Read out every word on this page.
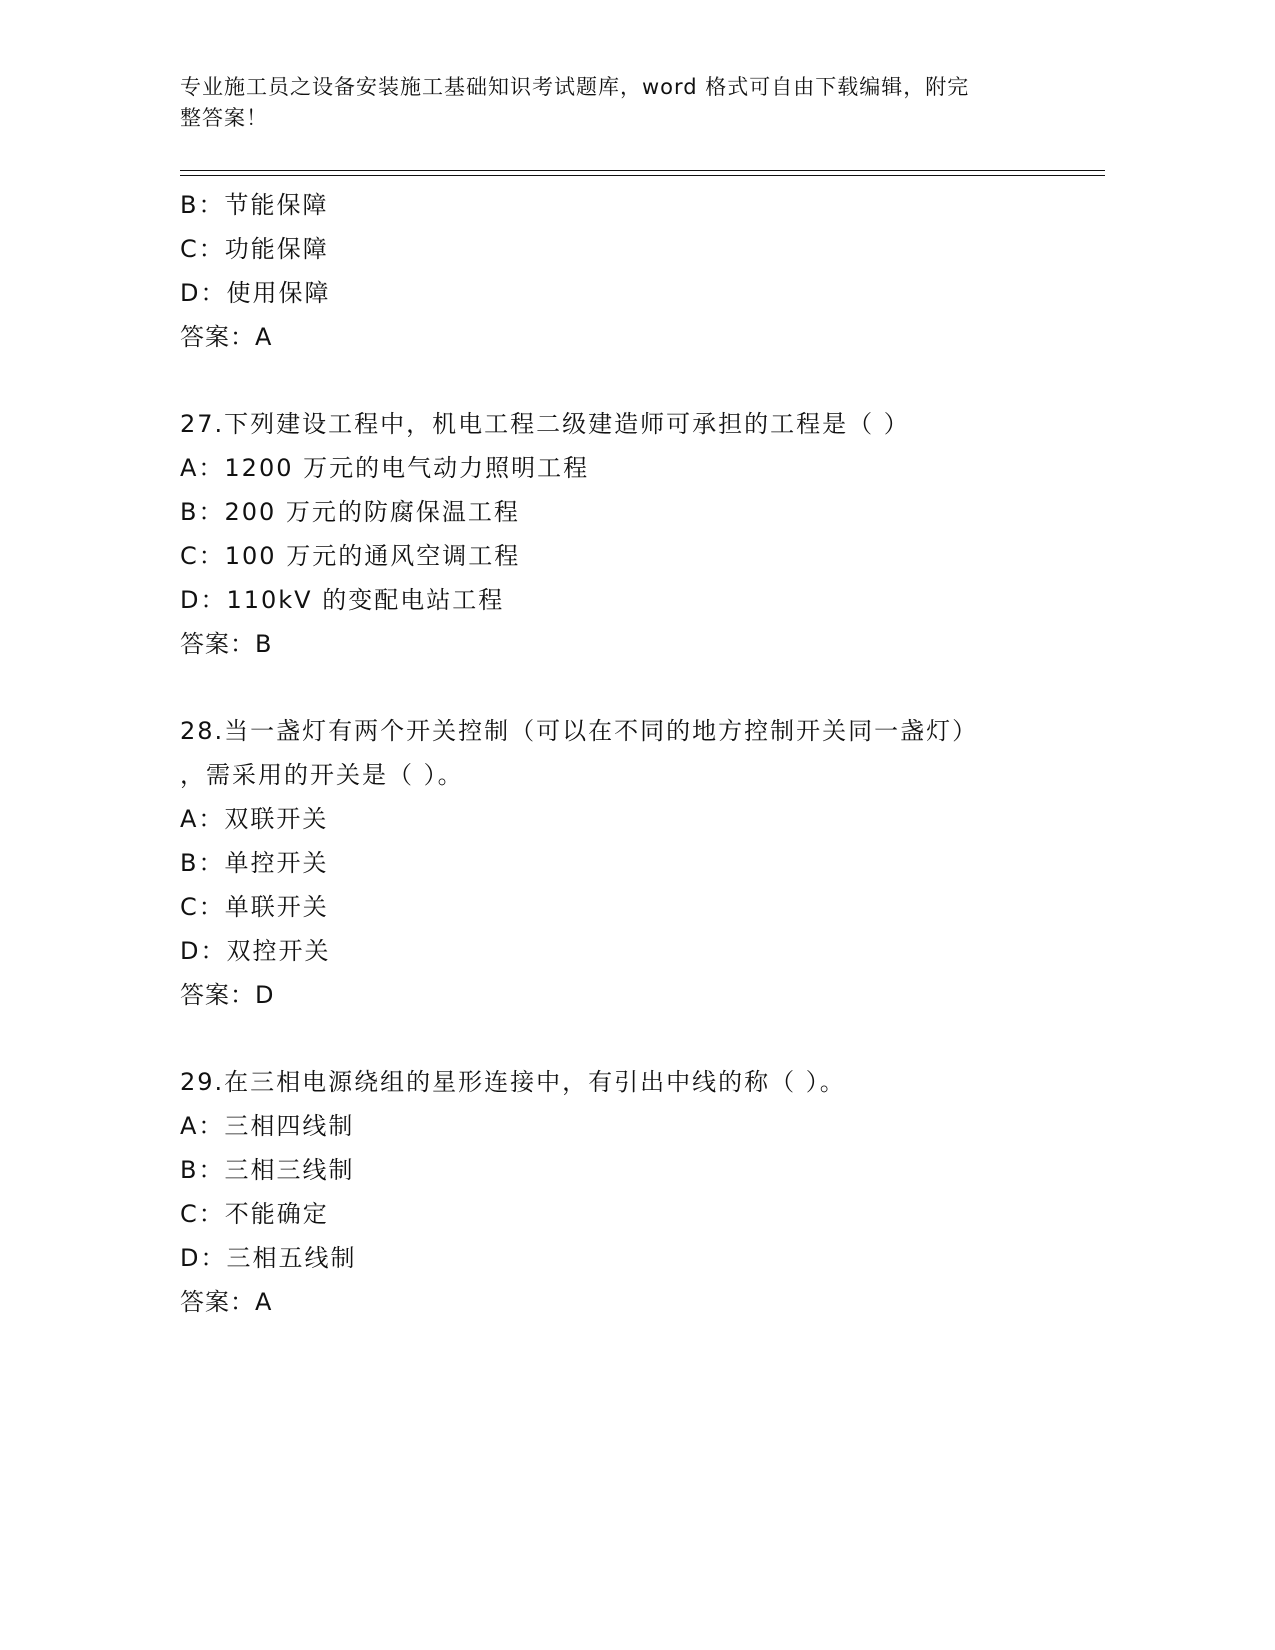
专业施工员之设备安装施工基础知识考试题库，word 格式可自由下载编辑，附完
整答案！
B：节能保障
C：功能保障
D：使用保障
答案：A
27.下列建设工程中，机电工程二级建造师可承担的工程是（ ）
A：1200 万元的电气动力照明工程
B：200 万元的防腐保温工程
C：100 万元的通风空调工程
D：110kV 的变配电站工程
答案：B
28.当一盏灯有两个开关控制（可以在不同的地方控制开关同一盏灯）
，需采用的开关是（ ）。
A：双联开关
B：单控开关
C：单联开关
D：双控开关
答案：D
29.在三相电源绕组的星形连接中，有引出中线的称（ ）。
A：三相四线制
B：三相三线制
C：不能确定
D：三相五线制
答案：A
